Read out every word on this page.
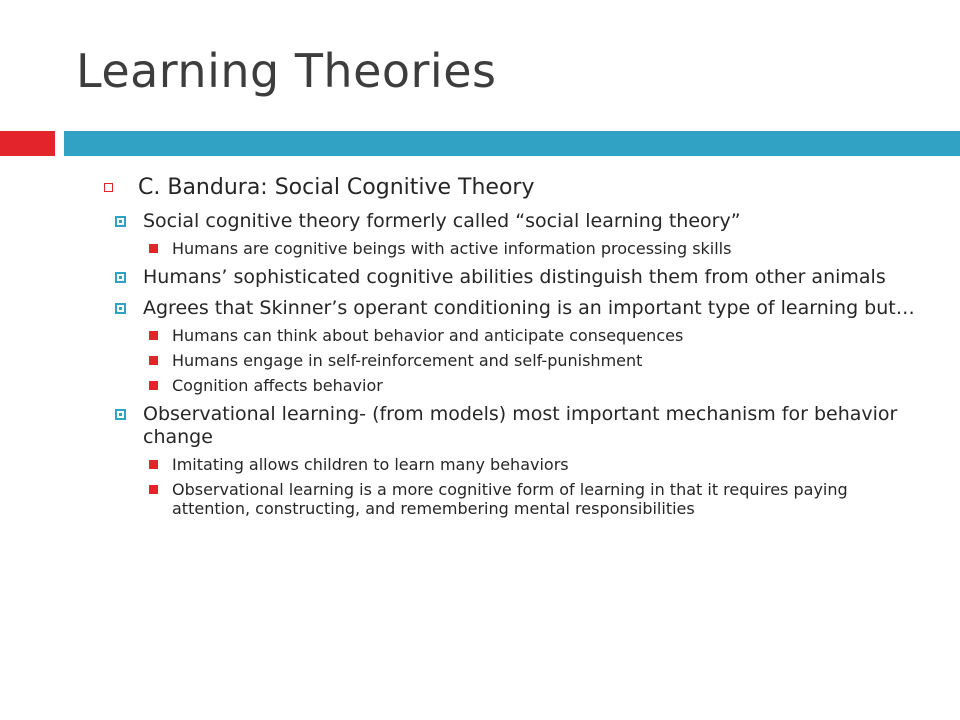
Learning Theories
C. Bandura: Social Cognitive Theory
Social cognitive theory formerly called “social learning theory”
Humans are cognitive beings with active information processing skills
Humans’ sophisticated cognitive abilities distinguish them from other animals
Agrees that Skinner’s operant conditioning is an important type of learning but…
Humans can think about behavior and anticipate consequences
Humans engage in self-reinforcement and self-punishment
Cognition affects behavior
Observational learning- (from models) most important mechanism for behavior change
Imitating allows children to learn many behaviors
Observational learning is a more cognitive form of learning in that it requires paying attention, constructing, and remembering mental responsibilities
